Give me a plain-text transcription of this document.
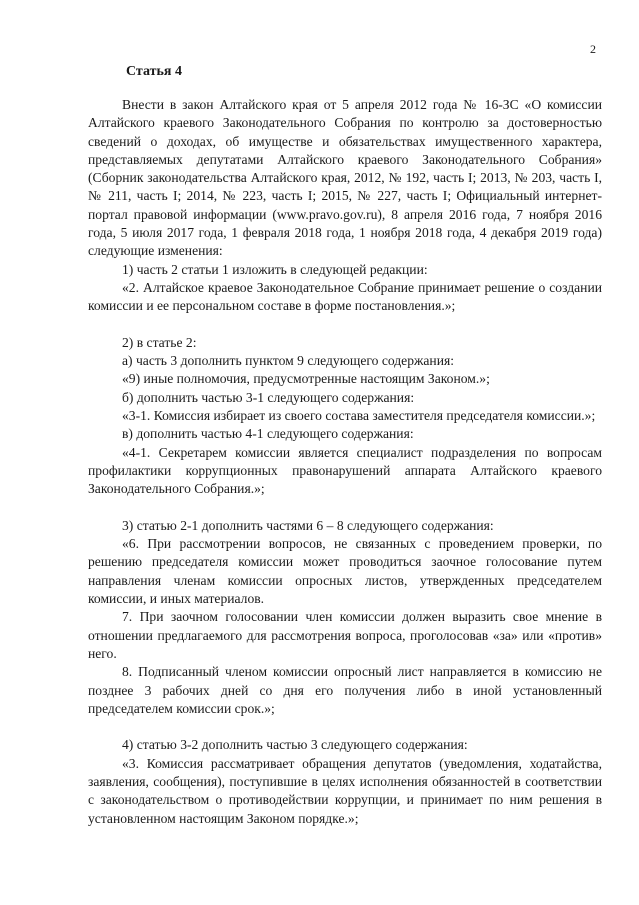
2
Статья 4

Внести в закон Алтайского края от 5 апреля 2012 года № 16-ЗС «О комиссии Алтайского краевого Законодательного Собрания по контролю за достоверностью сведений о доходах, об имуществе и обязательствах имущественного характера, представляемых депутатами Алтайского краевого Законодательного Собрания» (Сборник законодательства Алтайского края, 2012, № 192, часть I; 2013, № 203, часть I, № 211, часть I; 2014, № 223, часть I; 2015, № 227, часть I; Официальный интернет-портал правовой информации (www.pravo.gov.ru), 8 апреля 2016 года, 7 ноября 2016 года, 5 июля 2017 года, 1 февраля 2018 года, 1 ноября 2018 года, 4 декабря 2019 года) следующие изменения:

1) часть 2 статьи 1 изложить в следующей редакции:

«2. Алтайское краевое Законодательное Собрание принимает решение о создании комиссии и ее персональном составе в форме постановления.»;

2) в статье 2:

а) часть 3 дополнить пунктом 9 следующего содержания:

«9) иные полномочия, предусмотренные настоящим Законом.»;

б) дополнить частью 3-1 следующего содержания:

«3-1. Комиссия избирает из своего состава заместителя председателя комиссии.»;

в) дополнить частью 4-1 следующего содержания:

«4-1. Секретарем комиссии является специалист подразделения по вопросам профилактики коррупционных правонарушений аппарата Алтайского краевого Законодательного Собрания.»;

3) статью 2-1 дополнить частями 6 – 8 следующего содержания:

«6. При рассмотрении вопросов, не связанных с проведением проверки, по решению председателя комиссии может проводиться заочное голосование путем направления членам комиссии опросных листов, утвержденных председателем комиссии, и иных материалов.

7. При заочном голосовании член комиссии должен выразить свое мнение в отношении предлагаемого для рассмотрения вопроса, проголосовав «за» или «против» него.

8. Подписанный членом комиссии опросный лист направляется в комиссию не позднее 3 рабочих дней со дня его получения либо в иной установленный председателем комиссии срок.»;

4) статью 3-2 дополнить частью 3 следующего содержания:

«3. Комиссия рассматривает обращения депутатов (уведомления, ходатайства, заявления, сообщения), поступившие в целях исполнения обязанностей в соответствии с законодательством о противодействии коррупции, и принимает по ним решения в установленном настоящим Законом порядке.»;
